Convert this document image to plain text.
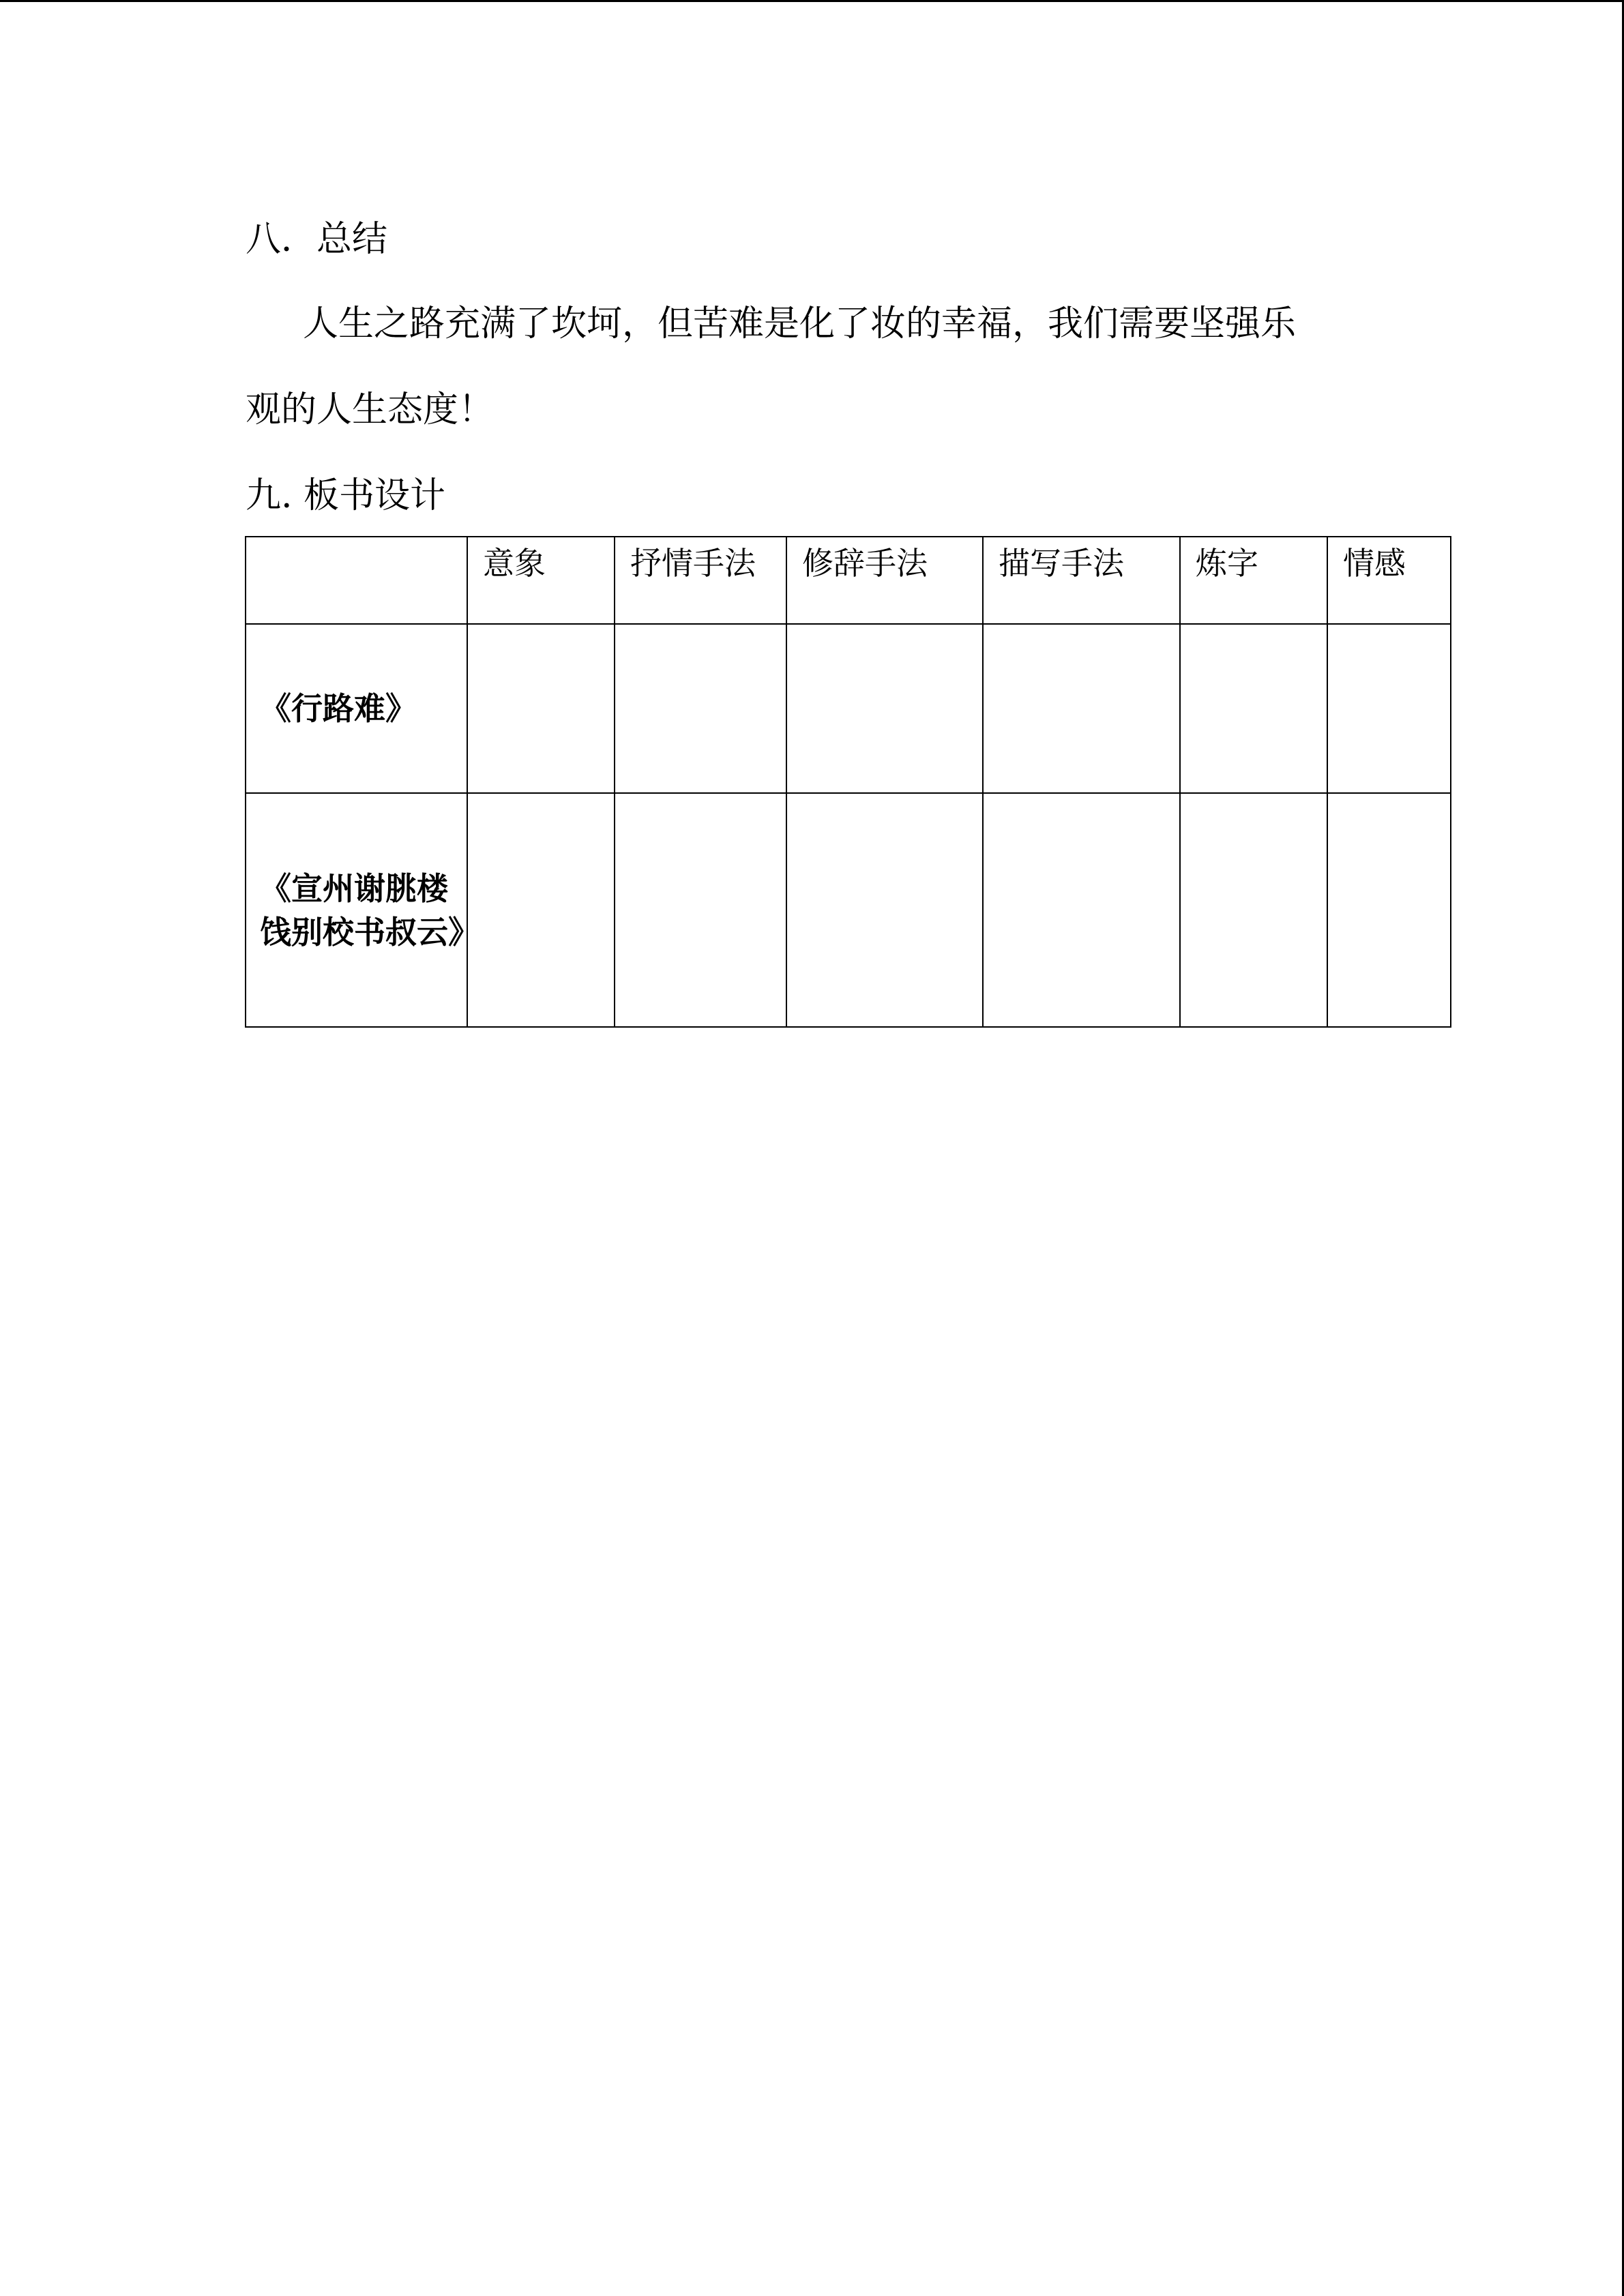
八．总结
人生之路充满了坎坷，但苦难是化了妆的幸福，我们需要坚强乐
观的人生态度！
九. 板书设计
	意象	抒情手法	修辞手法	描写手法	炼字	情感
《行路难》						
《宣州谢朓楼饯别校书叔云》						
